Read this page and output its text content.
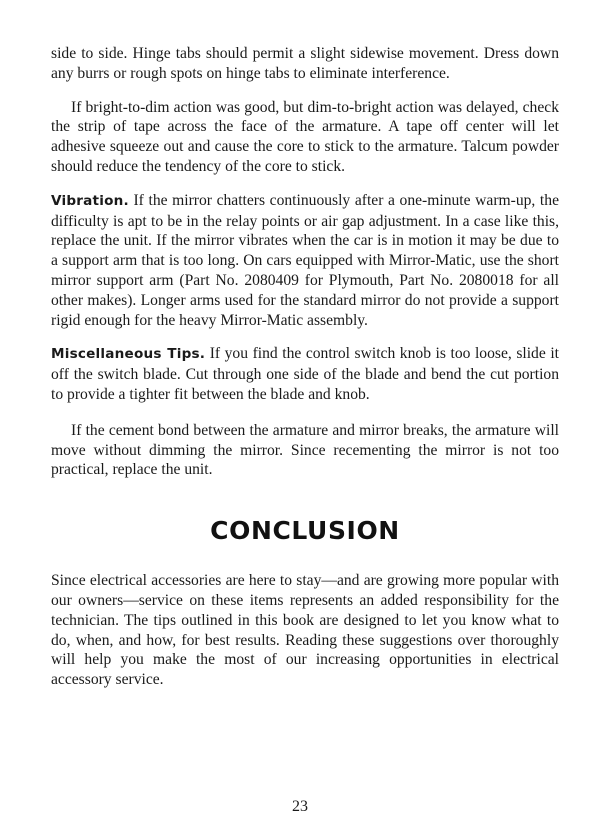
side to side. Hinge tabs should permit a slight sidewise movement. Dress down any burrs or rough spots on hinge tabs to eliminate interference.

If bright-to-dim action was good, but dim-to-bright action was delayed, check the strip of tape across the face of the armature. A tape off center will let adhesive squeeze out and cause the core to stick to the armature. Talcum powder should reduce the tendency of the core to stick.

Vibration. If the mirror chatters continuously after a one-minute warm-up, the difficulty is apt to be in the relay points or air gap adjustment. In a case like this, replace the unit. If the mirror vibrates when the car is in motion it may be due to a support arm that is too long. On cars equipped with Mirror-Matic, use the short mirror support arm (Part No. 2080409 for Plymouth, Part No. 2080018 for all other makes). Longer arms used for the standard mirror do not provide a support rigid enough for the heavy Mirror-Matic assembly.

Miscellaneous Tips. If you find the control switch knob is too loose, slide it off the switch blade. Cut through one side of the blade and bend the cut portion to provide a tighter fit between the blade and knob.

If the cement bond between the armature and mirror breaks, the armature will move without dimming the mirror. Since recementing the mirror is not too practical, replace the unit.

CONCLUSION

Since electrical accessories are here to stay—and are growing more popular with our owners—service on these items represents an added responsibility for the technician. The tips outlined in this book are designed to let you know what to do, when, and how, for best results. Reading these suggestions over thoroughly will help you make the most of our increasing opportunities in electrical accessory service.

23
